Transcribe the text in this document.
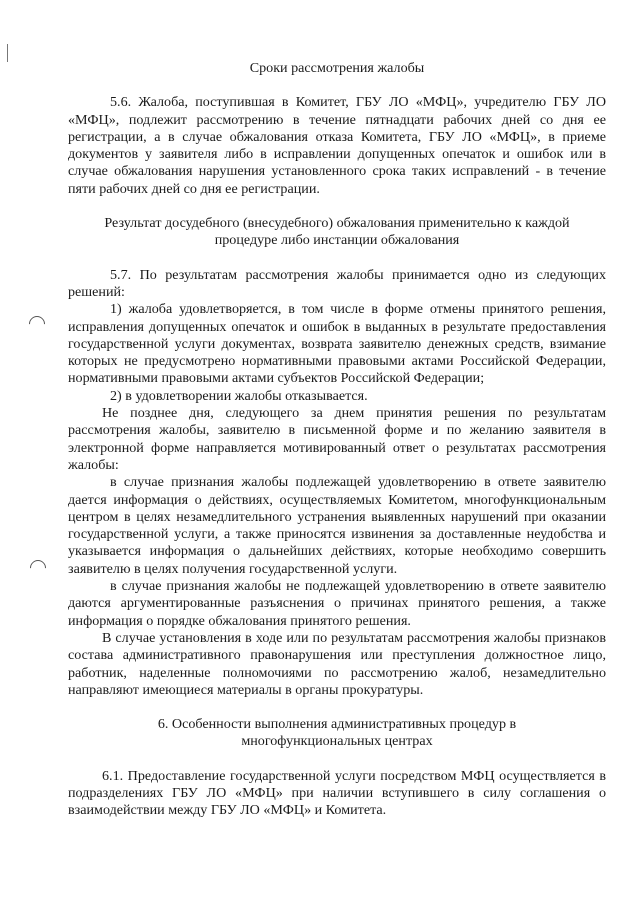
Сроки рассмотрения жалобы

5.6. Жалоба, поступившая в Комитет, ГБУ ЛО «МФЦ», учредителю ГБУ ЛО «МФЦ», подлежит рассмотрению в течение пятнадцати рабочих дней со дня ее регистрации, а в случае обжалования отказа Комитета, ГБУ ЛО «МФЦ», в приеме документов у заявителя либо в исправлении допущенных опечаток и ошибок или в случае обжалования нарушения установленного срока таких исправлений - в течение пяти рабочих дней со дня ее регистрации.

Результат досудебного (внесудебного) обжалования применительно к каждой процедуре либо инстанции обжалования

5.7. По результатам рассмотрения жалобы принимается одно из следующих решений:

1) жалоба удовлетворяется, в том числе в форме отмены принятого решения, исправления допущенных опечаток и ошибок в выданных в результате предоставления государственной услуги документах, возврата заявителю денежных средств, взимание которых не предусмотрено нормативными правовыми актами Российской Федерации, нормативными правовыми актами субъектов Российской Федерации;

2) в удовлетворении жалобы отказывается.

Не позднее дня, следующего за днем принятия решения по результатам рассмотрения жалобы, заявителю в письменной форме и по желанию заявителя в электронной форме направляется мотивированный ответ о результатах рассмотрения жалобы:

в случае признания жалобы подлежащей удовлетворению в ответе заявителю дается информация о действиях, осуществляемых Комитетом, многофункциональным центром в целях незамедлительного устранения выявленных нарушений при оказании государственной услуги, а также приносятся извинения за доставленные неудобства и указывается информация о дальнейших действиях, которые необходимо совершить заявителю в целях получения государственной услуги.

в случае признания жалобы не подлежащей удовлетворению в ответе заявителю даются аргументированные разъяснения о причинах принятого решения, а также информация о порядке обжалования принятого решения.

В случае установления в ходе или по результатам рассмотрения жалобы признаков состава административного правонарушения или преступления должностное лицо, работник, наделенные полномочиями по рассмотрению жалоб, незамедлительно направляют имеющиеся материалы в органы прокуратуры.

6. Особенности выполнения административных процедур в многофункциональных центрах

6.1. Предоставление государственной услуги посредством МФЦ осуществляется в подразделениях ГБУ ЛО «МФЦ» при наличии вступившего в силу соглашения о взаимодействии между ГБУ ЛО «МФЦ» и Комитета.
